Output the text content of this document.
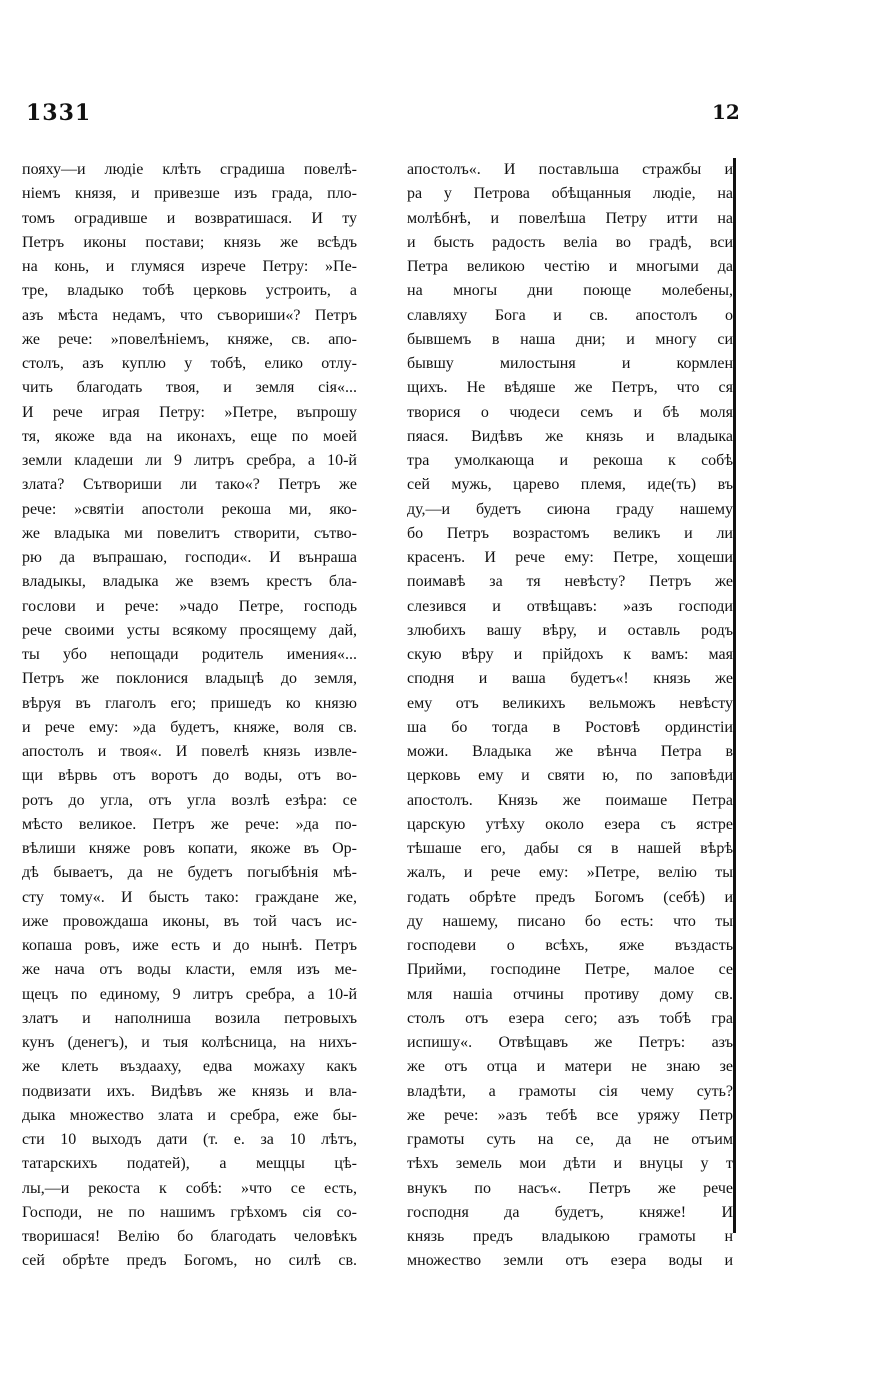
1331	12
пояху—и людіе клѣть сградиша повелѣ-
ніемъ князя, и привезше изъ града, пло-
томъ оградивше и возвратишася. И ту
Петръ иконы постави; князь же всѣдъ
на конь, и глумяся изрече Петру: »Пе-
тре, владыко тобѣ церковь устроить, а
азъ мѣста недамъ, что съвориши«? Петръ
же рече: »повелѣніемъ, княже, св. апо-
столъ, азъ куплю у тобѣ, елико отлу-
чить благодать твоя, и земля сія«...
И рече играя Петру: »Петре, въпрошу
тя, якоже вда на иконахъ, еще по моей
земли кладеши ли 9 литръ сребра, а 10-й
злата? Сътвориши ли тако«? Петръ же
рече: »святіи апостоли рекоша ми, яко-
же владыка ми повелитъ створити, сътво-
рю да въпрашаю, господи«. И вънраша
владыкы, владыка же вземъ крестъ бла-
гослови и рече: »чадо Петре, господь
рече своими усты всякому просящему дай,
ты убо непощади родитель имения«...
Петръ же поклонися владыцѣ до земля,
вѣруя въ глаголъ его; пришедъ ко князю
и рече ему: »да будетъ, княже, воля св.
апостолъ и твоя«. И повелѣ князь извле-
щи вѣрвь отъ воротъ до воды, отъ во-
ротъ до угла, отъ угла возлѣ езѣра: се
мѣсто великое. Петръ же рече: »да по-
вѣлиши княже ровъ копати, якоже въ Ор-
дѣ бываетъ, да не будетъ погыбѣнія мѣ-
сту тому«. И бысть тако: граждане же,
иже провождаша иконы, въ той часъ ис-
копаша ровъ, иже есть и до нынѣ. Петръ
же нача отъ воды класти, емля изъ ме-
щецъ по единому, 9 литръ сребра, а 10-й
златъ и наполниша возила петровыхъ
кунъ (денегъ), и тыя колѣсница, на нихъ-
же клеть въздааху, едва можаху какъ
подвизати ихъ. Видѣвъ же князь и вла-
дыка множество злата и сребра, еже бы-
сти 10 выходъ дати (т. е. за 10 лѣтъ,
татарскихъ податей), а мещцы цѣ-
лы,—и рекоста к собѣ: »что се есть,
Господи, не по нашимъ грѣхомъ сія со-
творишася! Велію бо благодать человѣкъ
сей обрѣте предъ Богомъ, но силѣ св.
апостолъ«. И поставльша стражбы и
ра у Петрова обѣщанныя людіе, на
молѣбнѣ, и повелѣша Петру итти на
и бысть радость веліа во градѣ, вси
Петра великою честію и многыми да
на многы дни поюще молебены,
славляху Бога и св. апостолъ о
бывшемъ в наша дни; и многу си
бывшу милостыня и кормлен
щихъ. Не вѣдяше же Петръ, что ся
творися о чюдеси семъ и бѣ моля
пяася. Видѣвъ же князь и владыка
тра умолкающа и рекоша к собѣ
сей мужь, царево племя, иде(ть) въ
ду,—и будетъ сиюна граду нашему
бо Петръ возрастомъ великъ и ли
красенъ. И рече ему: Петре, хощеши
поимавѣ за тя невѣсту? Петръ же
слезився и отвѣщавъ: »азъ господи
злюбихъ вашу вѣру, и оставль родъ
скую вѣру и прійдохъ к вамъ: мая
сподня и ваша будетъ«! князь же
ему отъ великихъ вельможъ невѣсту
ша бо тогда в Ростовѣ ординстіи
можи. Владыка же вѣнча Петра в
церковь ему и святи ю, по заповѣди
апостолъ. Князь же поимаше Петра
царскую утѣху около езера съ ястре
тѣшаше его, дабы ся в нашей вѣрѣ
жалъ, и рече ему: »Петре, велію ты
годать обрѣте предъ Богомъ (себѣ) и
ду нашему, писано бо есть: что ты
господеви о всѣхъ, яже въздасть
Прийми, господине Петре, малое се
мля нашіа отчины противу дому св.
столъ отъ езера сего; азъ тобѣ гра
испишу«. Отвѣщавъ же Петръ: азъ
же отъ отца и матери не знаю зе
владѣти, а грамоты сія чему суть?
же рече: »азъ тебѣ все уряжу Петр
грамоты суть на се, да не отъим
тѣхъ земель мои дѣти и внуцы у т
внукъ по насъ«. Петръ же рече
господня да будетъ, княже! И
князь предъ владыкою грамоты н
множество земли отъ езера воды и
